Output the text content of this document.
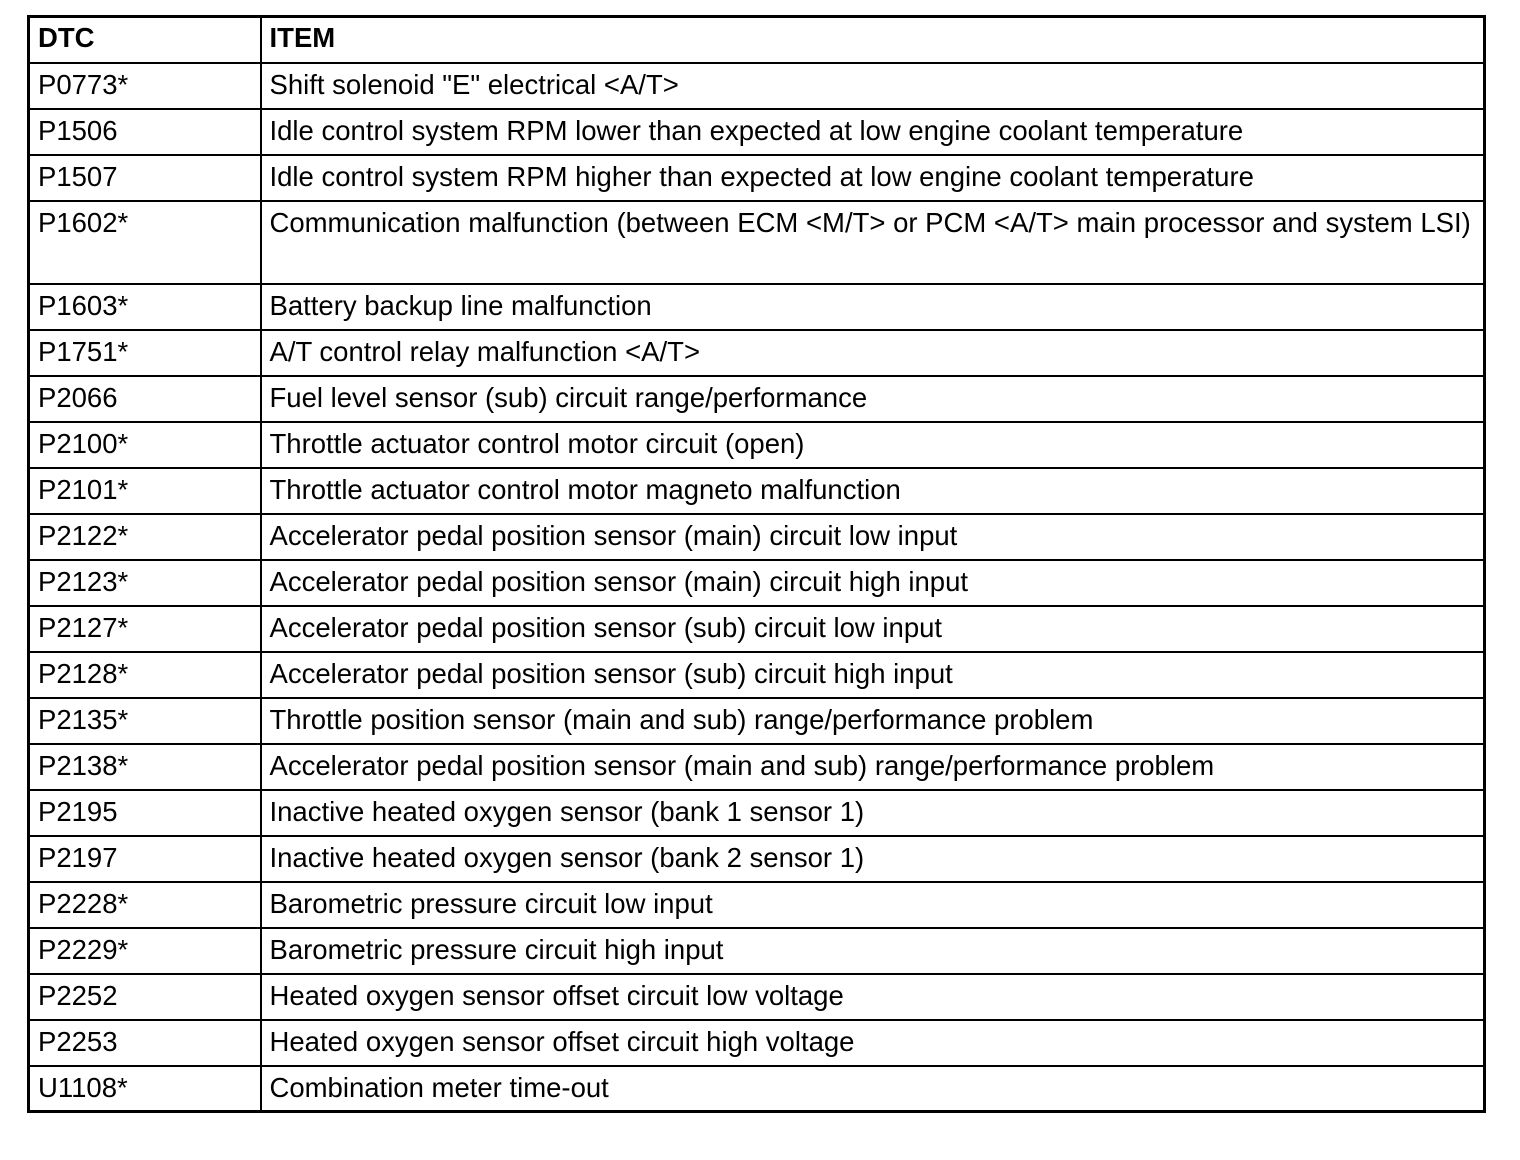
DTC	ITEM
P0773*	Shift solenoid "E" electrical <A/T>
P1506	Idle control system RPM lower than expected at low engine coolant temperature
P1507	Idle control system RPM higher than expected at low engine coolant temperature
P1602*	Communication malfunction (between ECM <M/T> or PCM <A/T> main processor and system LSI)
P1603*	Battery backup line malfunction
P1751*	A/T control relay malfunction <A/T>
P2066	Fuel level sensor (sub) circuit range/performance
P2100*	Throttle actuator control motor circuit (open)
P2101*	Throttle actuator control motor magneto malfunction
P2122*	Accelerator pedal position sensor (main) circuit low input
P2123*	Accelerator pedal position sensor (main) circuit high input
P2127*	Accelerator pedal position sensor (sub) circuit low input
P2128*	Accelerator pedal position sensor (sub) circuit high input
P2135*	Throttle position sensor (main and sub) range/performance problem
P2138*	Accelerator pedal position sensor (main and sub) range/performance problem
P2195	Inactive heated oxygen sensor (bank 1 sensor 1)
P2197	Inactive heated oxygen sensor (bank 2 sensor 1)
P2228*	Barometric pressure circuit low input
P2229*	Barometric pressure circuit high input
P2252	Heated oxygen sensor offset circuit low voltage
P2253	Heated oxygen sensor offset circuit high voltage
U1108*	Combination meter time-out
